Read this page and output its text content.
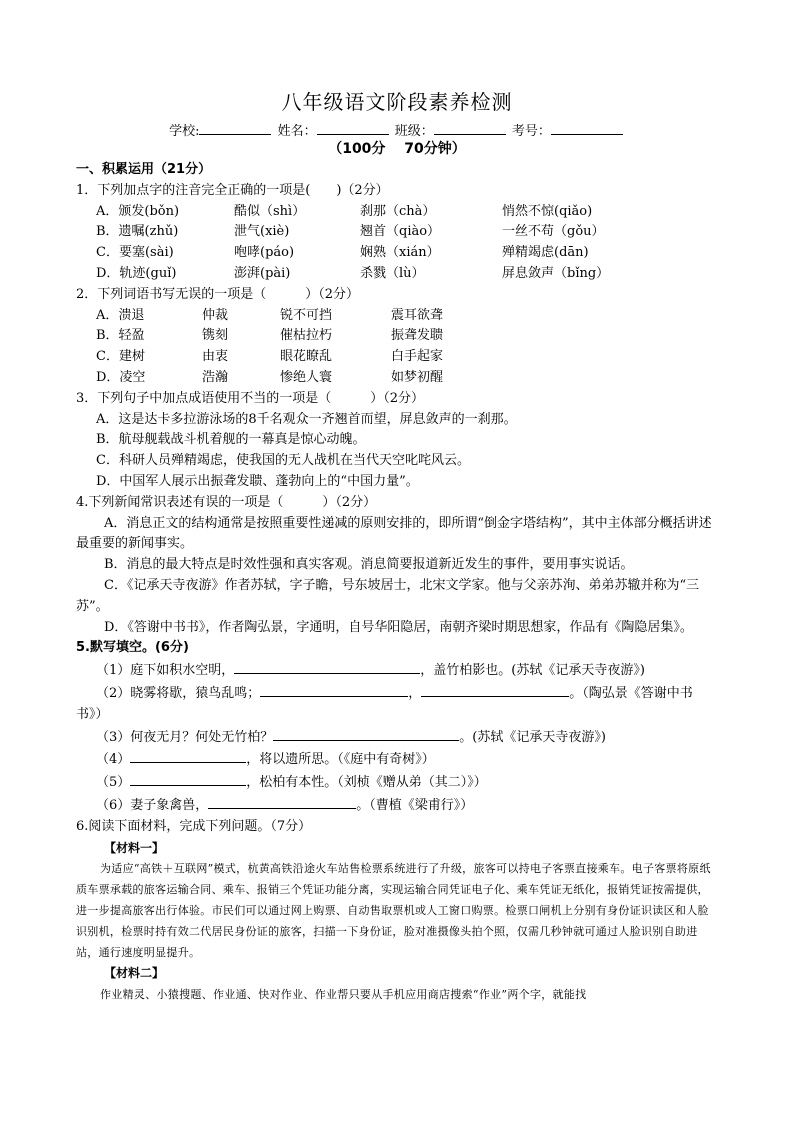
八年级语文阶段素养检测
学校:	姓名：	班级：	考号：
（100分　 70分钟）
一、积累运用（21分）
1．下列加点字的注音完全正确的一项是(　　)（2分）
A．颁发(bǒn)	酷似（shì）	刹那（chà）	悄然不惊(qiǎo)
B．遗嘱(zhǔ)	泄气(xiè)	翘首（qiào）	一丝不苟（gǒu）
C．要塞(sài)	咆哮(páo)	娴熟（xián）	殚精竭虑(dān)
D．轨迹(guǐ)	澎湃(pài)	杀戮（lù）	屏息敛声（bǐng）
2．下列词语书写无误的一项是（　　　）（2分）
A．溃退	仲裁	锐不可挡	震耳欲聋
B．轻盈	镌刻	催枯拉朽	振聋发聩
C．建树	由衷	眼花瞭乱	白手起家
D．凌空	浩瀚	惨绝人寰	如梦初醒
3．下列句子中加点成语使用不当的一项是（　　　）（2分）
A．这是达卡多拉游泳场的8千名观众一齐翘首而望，屏息敛声的一刹那。
B．航母舰载战斗机着舰的一幕真是惊心动魄。
C．科研人员殚精竭虑，使我国的无人战机在当代天空叱咤风云。
D．中国军人展示出振聋发聩、蓬勃向上的“中国力量”。
4.下列新闻常识表述有误的一项是（　　　）（2分）
A．消息正文的结构通常是按照重要性递减的原则安排的，即所谓“倒金字塔结构”，其中主体部分概括讲述最重要的新闻事实。
B．消息的最大特点是时效性强和真实客观。消息简要报道新近发生的事件，要用事实说话。
C．《记承天寺夜游》作者苏轼，字子瞻，号东坡居士，北宋文学家。他与父亲苏洵、弟弟苏辙并称为“三苏”。
D．《答谢中书书》，作者陶弘景，字通明，自号华阳隐居，南朝齐梁时期思想家，作品有《陶隐居集》。
5.默写填空。(6分)
（1）庭下如积水空明，	，盖竹柏影也。(苏轼《记承天寺夜游》)
（2）晓雾将歇，猿鸟乱鸣；	，	。（陶弘景《答谢中书书》）
（3）何夜无月？何处无竹柏？	。(苏轼《记承天寺夜游》)
（4）	，将以遗所思。（《庭中有奇树》）
（5）	，松柏有本性。（刘桢《赠从弟（其二）》）
（6）妻子象禽兽，	。（曹植《梁甫行》）
6.阅读下面材料，完成下列问题。（7分）
【材料一】
为适应“高铁＋互联网”模式，杭黄高铁沿途火车站售检票系统进行了升级，旅客可以持电子客票直接乘车。电子客票将原纸质车票承载的旅客运输合同、乘车、报销三个凭证功能分离，实现运输合同凭证电子化、乘车凭证无纸化，报销凭证按需提供，进一步提高旅客出行体验。市民们可以通过网上购票、自动售取票机或人工窗口购票。检票口闸机上分别有身份证识读区和人脸识别机，检票时持有效二代居民身份证的旅客，扫描一下身份证，脸对准摄像头拍个照，仅需几秒钟就可通过人脸识别自助进站，通行速度明显提升。
【材料二】
作业精灵、小猿搜题、作业通、快对作业、作业帮只要从手机应用商店搜索“作业”两个字，就能找
